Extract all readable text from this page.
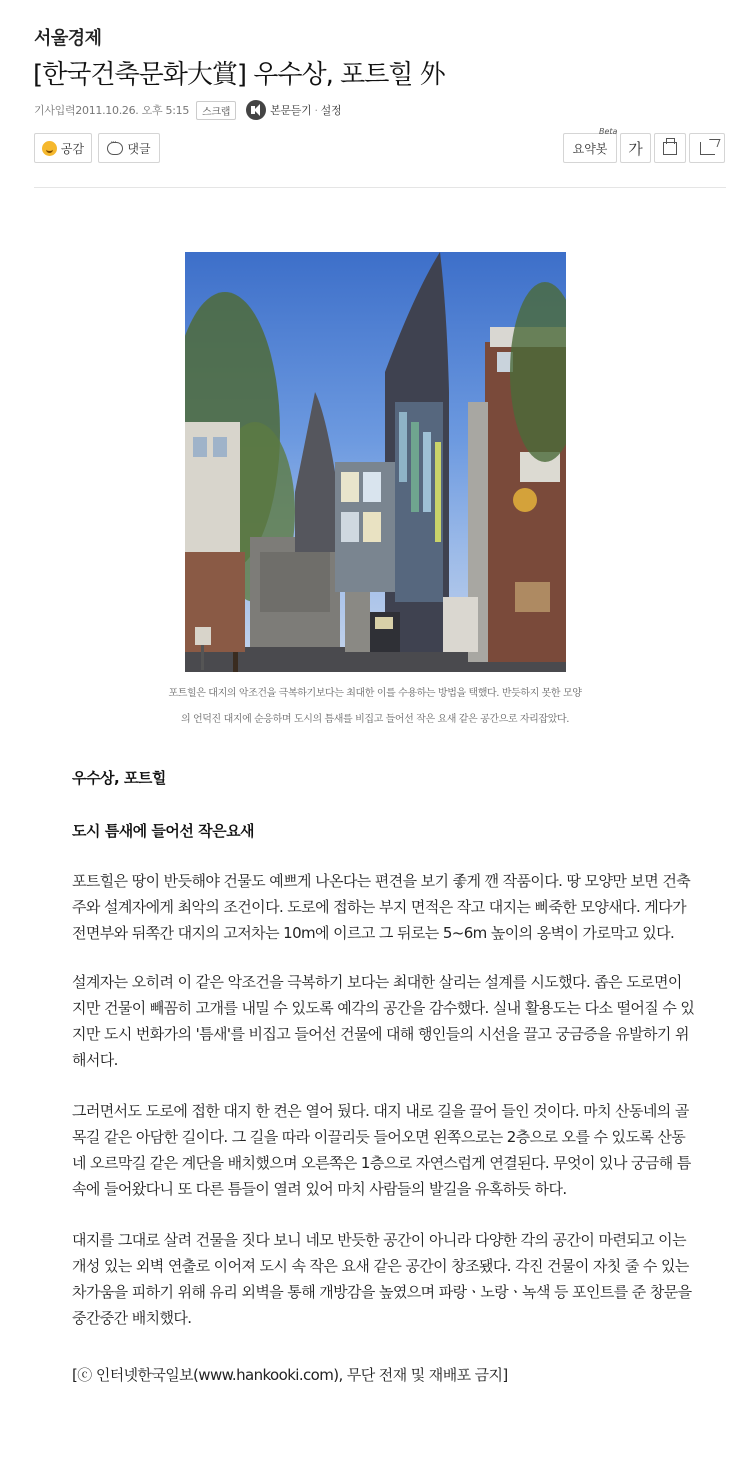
서울경제
[한국건축문화大賞] 우수상, 포트힐 外
기사입력2011.10.26. 오후 5:15	스크랩	본문듣기 · 설정
공감
···	댓글	요약봇
Beta
가
포트힐은 대지의 악조건을 극복하기보다는 최대한 이를 수용하는 방법을 택했다. 반듯하지 못한 모양
의 언덕진 대지에 순응하며 도시의 틈새를 비집고 들어선 작은 요새 같은 공간으로 자리잡았다.
우수상, 포트힐
도시 틈새에 들어선 작은요새
포트힐은 땅이 반듯해야 건물도 예쁘게 나온다는 편견을 보기 좋게 깬 작품이다. 땅 모양만 보면 건축
주와 설계자에게 최악의 조건이다. 도로에 접하는 부지 면적은 작고 대지는 삐죽한 모양새다. 게다가
전면부와 뒤쪽간 대지의 고저차는 10m에 이르고 그 뒤로는 5~6m 높이의 옹벽이 가로막고 있다.
설계자는 오히려 이 같은 악조건을 극복하기 보다는 최대한 살리는 설계를 시도했다. 좁은 도로면이
지만 건물이 빼꼼히 고개를 내밀 수 있도록 예각의 공간을 감수했다. 실내 활용도는 다소 떨어질 수 있
지만 도시 번화가의 '틈새'를 비집고 들어선 건물에 대해 행인들의 시선을 끌고 궁금증을 유발하기 위
해서다.
그러면서도 도로에 접한 대지 한 켠은 열어 뒀다. 대지 내로 길을 끌어 들인 것이다. 마치 산동네의 골
목길 같은 아담한 길이다. 그 길을 따라 이끌리듯 들어오면 왼쪽으로는 2층으로 오를 수 있도록 산동
네 오르막길 같은 계단을 배치했으며 오른쪽은 1층으로 자연스럽게 연결된다. 무엇이 있나 궁금해 틈
속에 들어왔다니 또 다른 틈들이 열려 있어 마치 사람들의 발길을 유혹하듯 하다.
대지를 그대로 살려 건물을 짓다 보니 네모 반듯한 공간이 아니라 다양한 각의 공간이 마련되고 이는
개성 있는 외벽 연출로 이어져 도시 속 작은 요새 같은 공간이 창조됐다. 각진 건물이 자칫 줄 수 있는
차가움을 피하기 위해 유리 외벽을 통해 개방감을 높였으며 파랑ㆍ노랑ㆍ녹색 등 포인트를 준 창문을
중간중간 배치했다.
[ⓒ 인터넷한국일보(www.hankooki.com), 무단 전재 및 재배포 금지]
